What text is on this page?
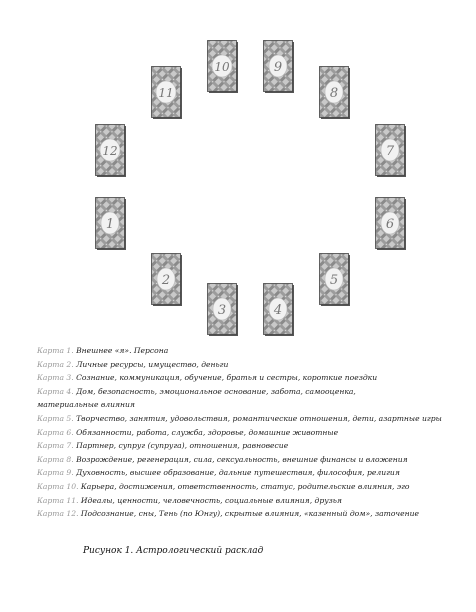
1
2
3	4
5
6
7
8
9
10
11
12
Карта 1. Внешнее «я». Персона
Карта 2. Личные ресурсы, имущество, деньги
Карта 3. Сознание, коммуникация, обучение, братья и сестры, короткие поездки
Карта 4. Дом, безопасность, эмоциональное основание, забота, самооценка, материальные влияния
Карта 5. Творчество, занятия, удовольствия, романтические отношения, дети, азартные игры
Карта 6. Обязанности, работа, служба, здоровье, домашние животные
Карта 7. Партнер, супруг (супруга), отношения, равновесие
Карта 8. Возрождение, регенерация, сила, сексуальность, внешние финансы и вложения
Карта 9. Духовность, высшее образование, дальние путешествия, философия, религия
Карта 10. Карьера, достижения, ответственность, статус, родительские влияния, эго
Карта 11. Идеалы, ценности, человечность, социальные влияния, друзья
Карта 12. Подсознание, сны, Тень (по Юнгу), скрытые влияния, «казенный дом», заточение
Рисунок 1. Астрологический расклад
